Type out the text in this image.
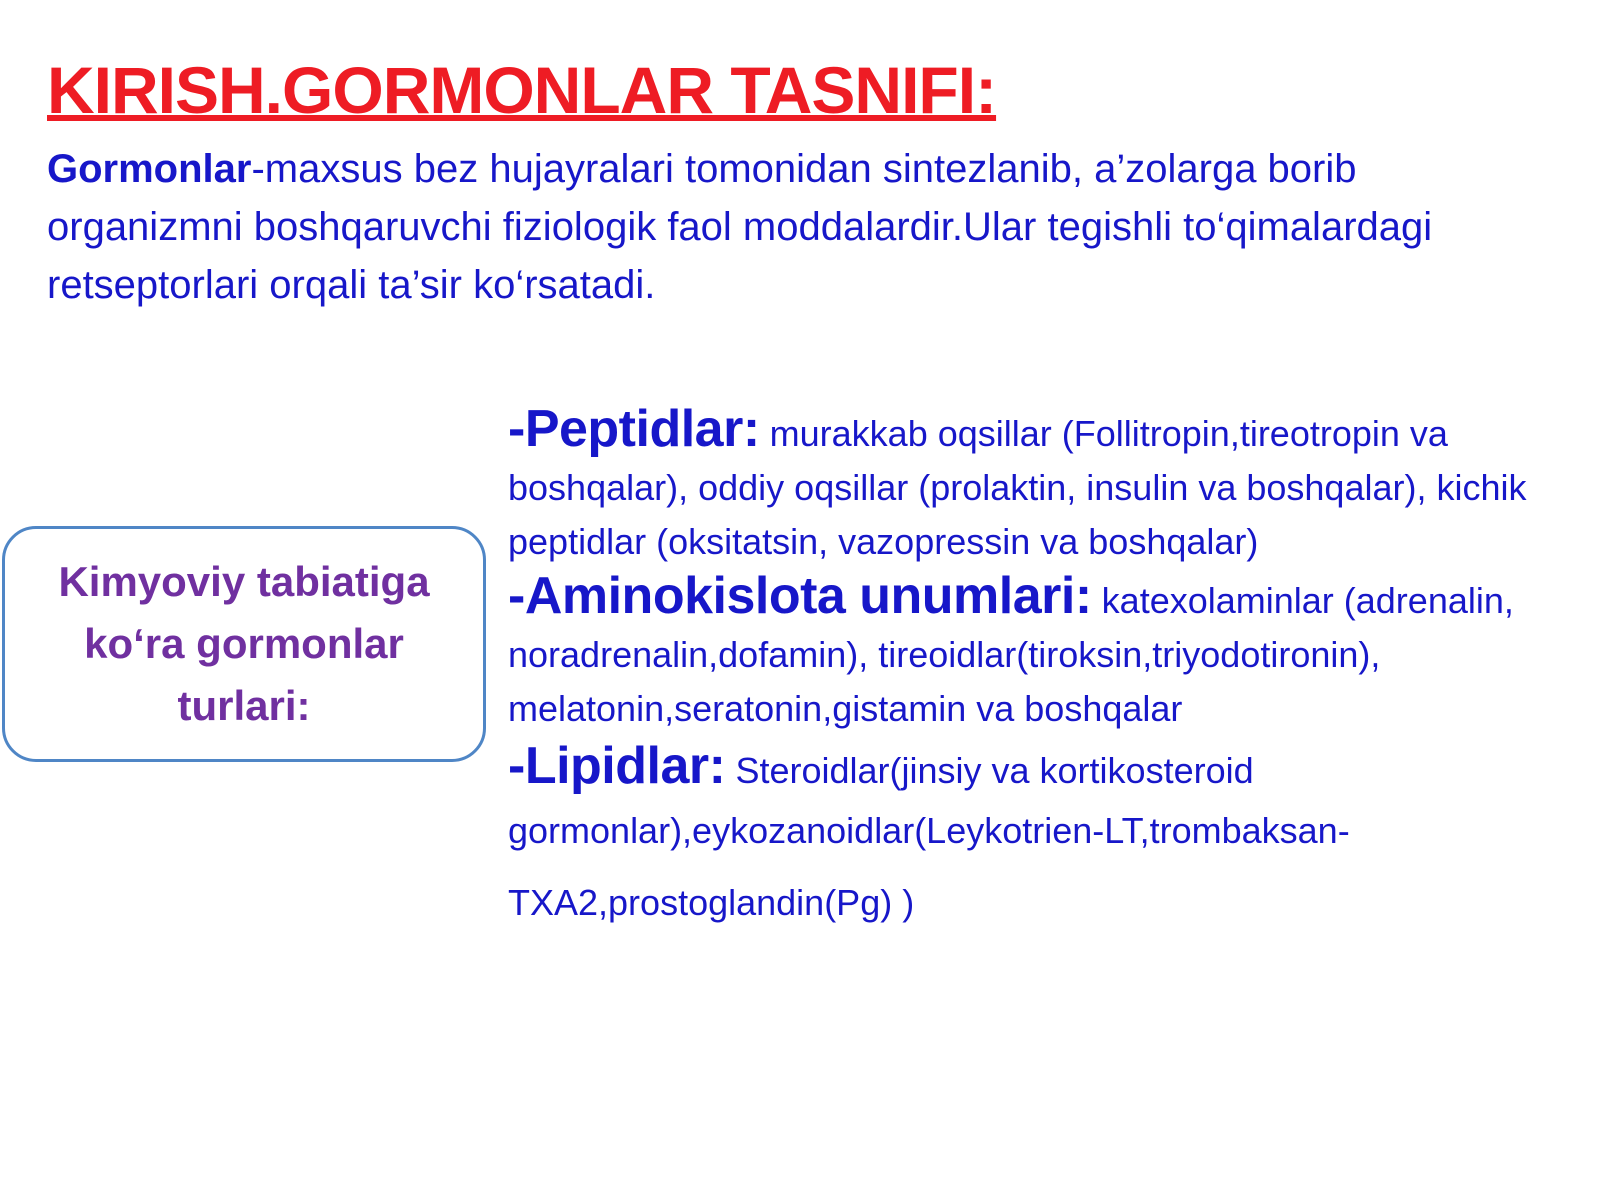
KIRISH.GORMONLAR TASNIFI:

Gormonlar-maxsus bez hujayralari tomonidan sintezlanib, a’zolarga borib organizmni boshqaruvchi fiziologik faol moddalardir.Ular tegishli to‘qimalardagi retseptorlari orqali ta’sir ko‘rsatadi.

Kimyoviy tabiatiga ko‘ra gormonlar turlari:

-Peptidlar: murakkab oqsillar (Follitropin,tireotropin va boshqalar), oddiy oqsillar (prolaktin, insulin va boshqalar), kichik peptidlar (oksitatsin, vazopressin va boshqalar)

-Aminokislota unumlari: katexolaminlar (adrenalin, noradrenalin,dofamin), tireoidlar(tiroksin,triyodotironin), melatonin,seratonin,gistamin va boshqalar

-Lipidlar: Steroidlar(jinsiy va kortikosteroid gormonlar),eykozanoidlar(Leykotrien-LT,trombaksan-
TXA2,prostoglandin(Pg) )
